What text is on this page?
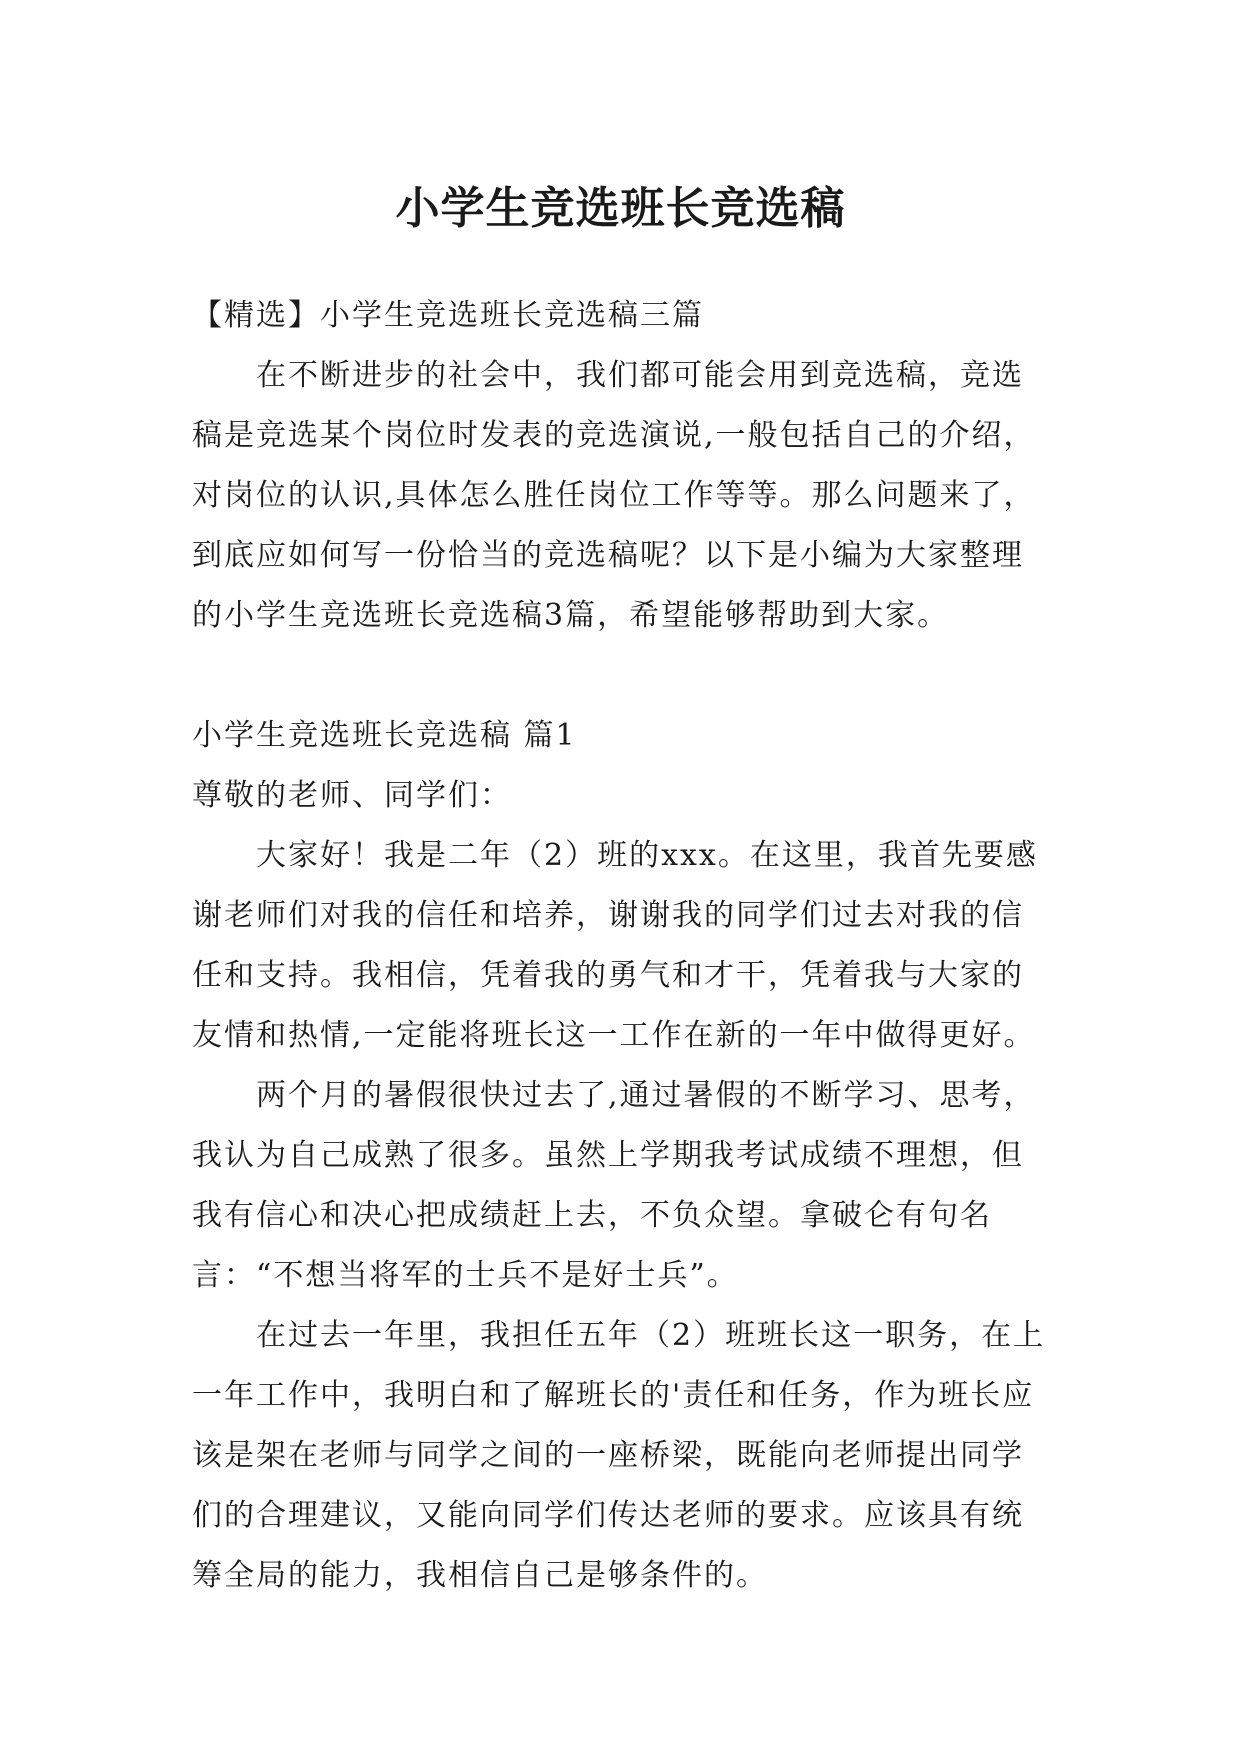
小学生竞选班长竞选稿

【精选】小学生竞选班长竞选稿三篇

在不断进步的社会中，我们都可能会用到竞选稿，竞选稿是竞选某个岗位时发表的竞选演说,一般包括自己的介绍，对岗位的认识,具体怎么胜任岗位工作等等。那么问题来了，到底应如何写一份恰当的竞选稿呢？以下是小编为大家整理的小学生竞选班长竞选稿3篇，希望能够帮助到大家。

小学生竞选班长竞选稿 篇1

尊敬的老师、同学们：

大家好！我是二年（2）班的xxx。在这里，我首先要感谢老师们对我的信任和培养，谢谢我的同学们过去对我的信任和支持。我相信，凭着我的勇气和才干，凭着我与大家的友情和热情,一定能将班长这一工作在新的一年中做得更好。

两个月的暑假很快过去了,通过暑假的不断学习、思考，我认为自己成熟了很多。虽然上学期我考试成绩不理想，但我有信心和决心把成绩赶上去，不负众望。拿破仑有句名言：“不想当将军的士兵不是好士兵”。

在过去一年里，我担任五年（2）班班长这一职务，在上一年工作中，我明白和了解班长的'责任和任务，作为班长应该是架在老师与同学之间的一座桥梁，既能向老师提出同学们的合理建议，又能向同学们传达老师的要求。应该具有统筹全局的能力，我相信自己是够条件的。
